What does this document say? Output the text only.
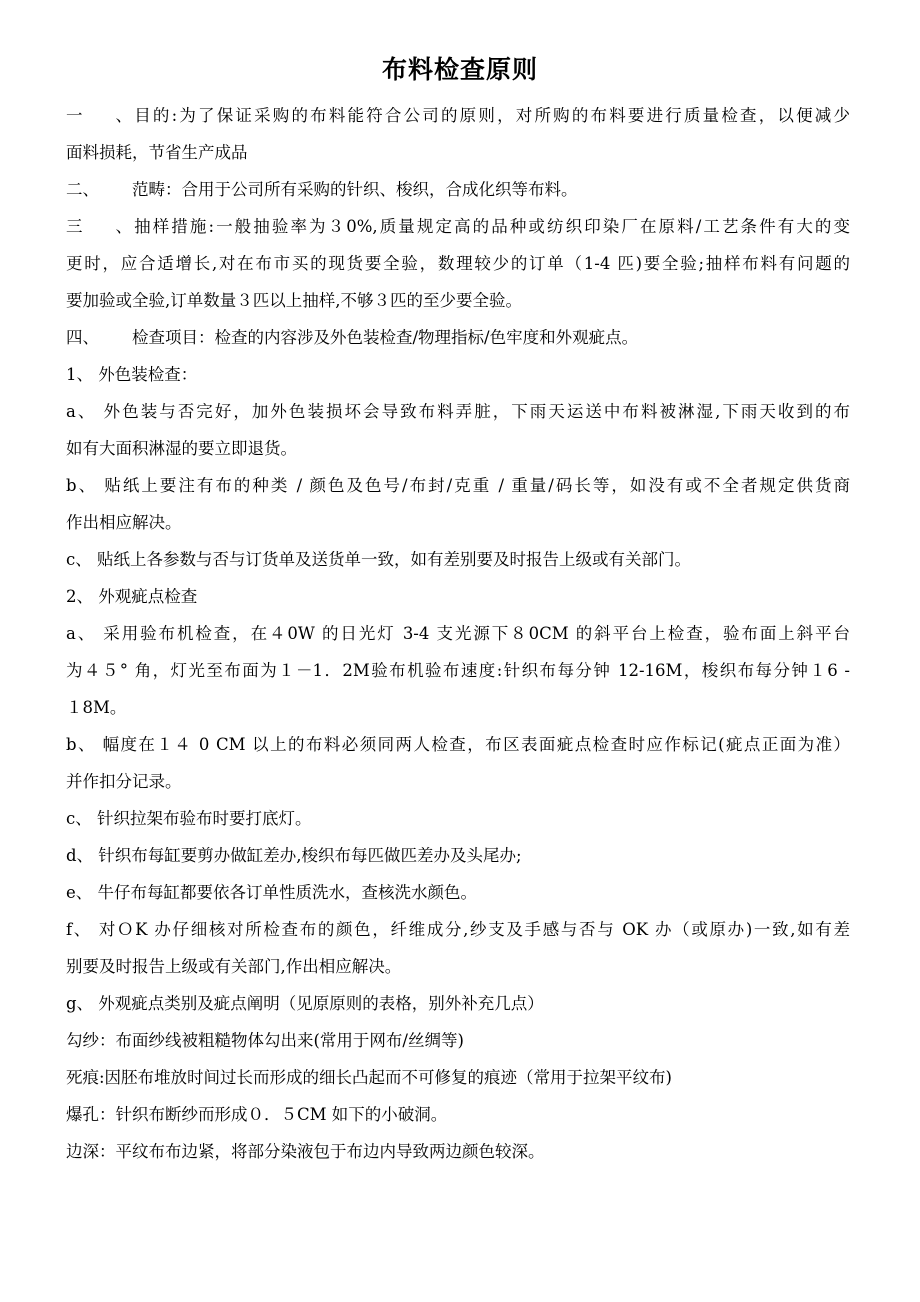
布料检查原则
一、目的:为了保证采购的布料能符合公司的原则，对所购的布料要进行质量检查，以便减少
面料损耗，节省生产成品
二、 范畴：合用于公司所有采购的针织、梭织，合成化织等布料。
三、抽样措施:一般抽验率为３0%,质量规定高的品种或纺织印染厂在原料/工艺条件有大的变
更时，应合适增长,对在布市买的现货要全验，数理较少的订单（1-4 匹)要全验;抽样布料有问题的
要加验或全验,订单数量３匹以上抽样,不够３匹的至少要全验。
四、 检查项目：检查的内容涉及外色装检查/物理指标/色牢度和外观疵点。
1、 外色装检查：
a、 外色装与否完好，加外色装损坏会导致布料弄脏，下雨天运送中布料被淋湿,下雨天收到的布
如有大面积淋湿的要立即退货。
b、 贴纸上要注有布的种类 / 颜色及色号/布封/克重 / 重量/码长等，如没有或不全者规定供货商
作出相应解决。
c、 贴纸上各参数与否与订货单及送货单一致，如有差别要及时报告上级或有关部门。
2、 外观疵点检查
a、 采用验布机检查，在４0W 的日光灯 3-4 支光源下８0CM 的斜平台上检查，验布面上斜平台
为４５° 角，灯光至布面为１－1．2M验布机验布速度:针织布每分钟 12-16M，梭织布每分钟１6 -
１8M。
b、 幅度在１４ 0 CM 以上的布料必须同两人检查，布区表面疵点检查时应作标记(疵点正面为准）
并作扣分记录。
c、 针织拉架布验布时要打底灯。
d、 针织布每缸要剪办做缸差办,梭织布每匹做匹差办及头尾办;
e、 牛仔布每缸都要依各订单性质洗水，查核洗水颜色。
f、 对ＯK 办仔细核对所检查布的颜色，纤维成分,纱支及手感与否与 OK 办（或原办)一致,如有差
别要及时报告上级或有关部门,作出相应解决。
g、 外观疵点类别及疵点阐明（见原原则的表格，别外补充几点）
勾纱：布面纱线被粗糙物体勾出来(常用于网布/丝绸等)
死痕:因胚布堆放时间过长而形成的细长凸起而不可修复的痕迹（常用于拉架平纹布)
爆孔：针织布断纱而形成０．５CM 如下的小破洞。
边深：平纹布布边紧，将部分染液包于布边内导致两边颜色较深。
